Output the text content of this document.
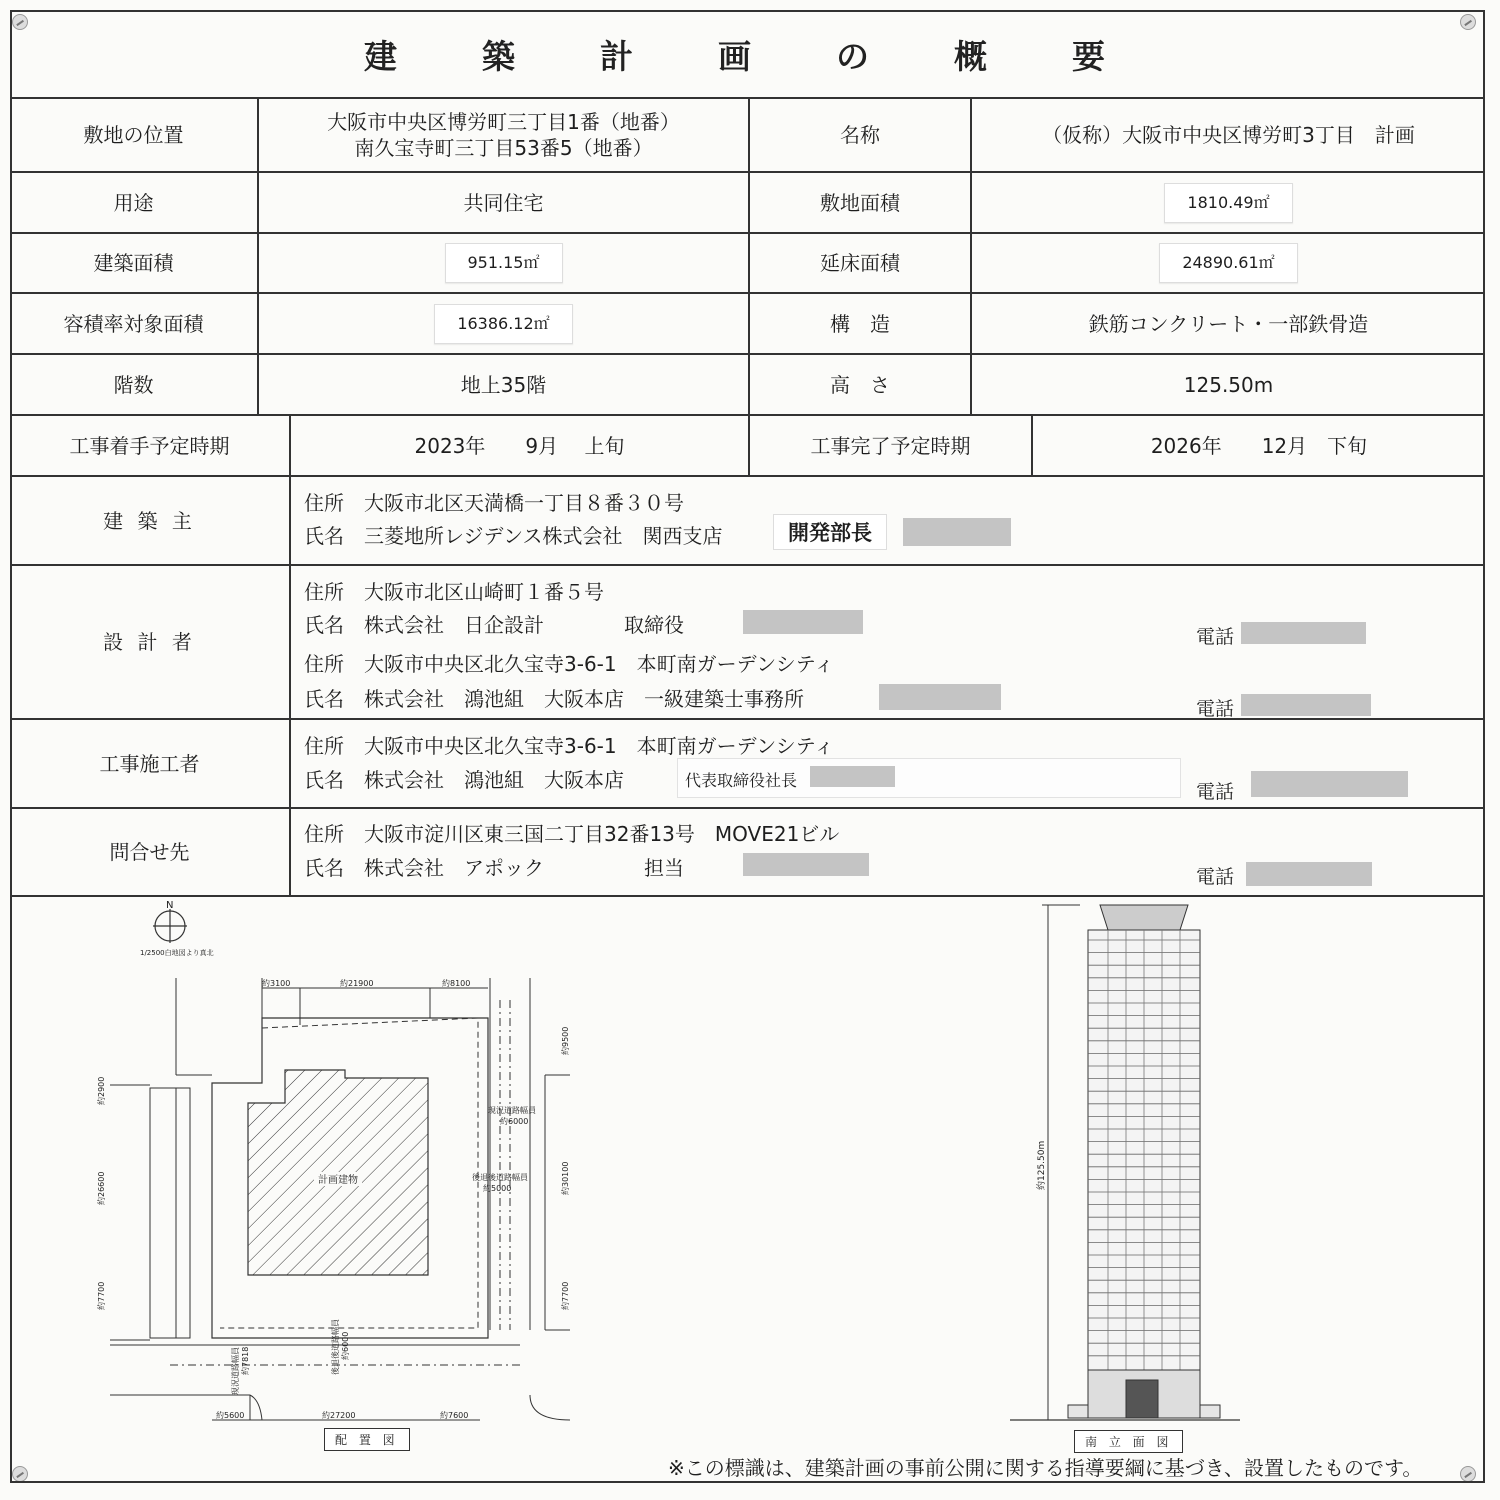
建　築　計　画　の　概　要
敷地の位置
大阪市中央区博労町三丁目1番（地番）
南久宝寺町三丁目53番5（地番）
名称	（仮称）大阪市中央区博労町3丁目　計画
用途	共同住宅	敷地面積	1810.49㎡
建築面積	951.15㎡	延床面積	24890.61㎡
容積率対象面積	16386.12㎡	構　造	鉄筋コンクリート・一部鉄骨造
階数	地上35階	高　さ	125.50m
工事着手予定時期	2023年　　9月　 上旬	工事完了予定時期	2026年　　12月　下旬
建 築 主
住所　大阪市北区天満橋一丁目８番３０号
氏名　三菱地所レジデンス株式会社　関西支店	開発部長
設 計 者
住所　大阪市北区山崎町１番５号
氏名　株式会社　日企設計　　　　取締役	電話
住所　大阪市中央区北久宝寺3-6-1　本町南ガーデンシティ
氏名　株式会社　鴻池組　大阪本店　一級建築士事務所	電話
工事施工者
住所　大阪市中央区北久宝寺3-6-1　本町南ガーデンシティ
氏名　株式会社　鴻池組　大阪本店	代表取締役社長
電話
問合せ先
住所　大阪市淀川区東三国二丁目32番13号　MOVE21ビル
氏名　株式会社　アポック　　　　　担当	電話
N
1/2500白地図より真北
計画建物
約3100	約21900	約8100
約2900
約26600
約7700
約9500
約30100
約7700
現況道路幅員
約6000
後退後道路幅員
約5000
現況道路幅員 約7818	後退後道路幅員 約6000
約5600	約27200	約7600
配 置 図
約125.50m
南 立 面 図
※この標識は、建築計画の事前公開に関する指導要綱に基づき、設置したものです。
